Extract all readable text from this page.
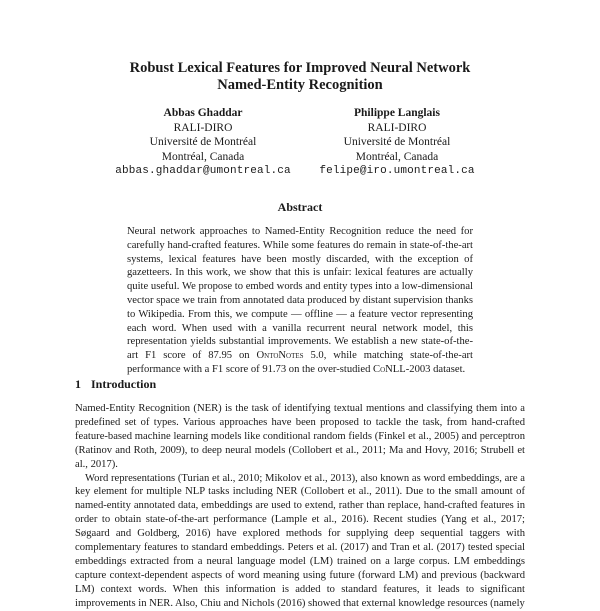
Robust Lexical Features for Improved Neural Network
Named-Entity Recognition
Abbas Ghaddar
RALI-DIRO
Université de Montréal
Montréal, Canada
abbas.ghaddar@umontreal.ca
Philippe Langlais
RALI-DIRO
Université de Montréal
Montréal, Canada
felipe@iro.umontreal.ca
Abstract
Neural network approaches to Named-Entity Recognition reduce the need for carefully hand-crafted features. While some features do remain in state-of-the-art systems, lexical features have been mostly discarded, with the exception of gazetteers. In this work, we show that this is unfair: lexical features are actually quite useful. We propose to embed words and entity types into a low-dimensional vector space we train from annotated data produced by distant supervision thanks to Wikipedia. From this, we compute — offline — a feature vector representing each word. When used with a vanilla recurrent neural network model, this representation yields substantial improvements. We establish a new state-of-the-art F1 score of 87.95 on OntoNotes 5.0, while matching state-of-the-art performance with a F1 score of 91.73 on the over-studied CoNLL-2003 dataset.
1 Introduction

Named-Entity Recognition (NER) is the task of identifying textual mentions and classifying them into a predefined set of types. Various approaches have been proposed to tackle the task, from hand-crafted feature-based machine learning models like conditional random fields (Finkel et al., 2005) and perceptron (Ratinov and Roth, 2009), to deep neural models (Collobert et al., 2011; Ma and Hovy, 2016; Strubell et al., 2017).

Word representations (Turian et al., 2010; Mikolov et al., 2013), also known as word embeddings, are a key element for multiple NLP tasks including NER (Collobert et al., 2011). Due to the small amount of named-entity annotated data, embeddings are used to extend, rather than replace, hand-crafted features in order to obtain state-of-the-art performance (Lample et al., 2016). Recent studies (Yang et al., 2017; Søgaard and Goldberg, 2016) have explored methods for supplying deep sequential taggers with complementary features to standard embeddings. Peters et al. (2017) and Tran et al. (2017) tested special embeddings extracted from a neural language model (LM) trained on a large corpus. LM embeddings capture context-dependent aspects of word meaning using future (forward LM) and previous (backward LM) context words. When this information is added to standard features, it leads to significant improvements in NER. Also, Chiu and Nichols (2016) showed that external knowledge resources (namely
